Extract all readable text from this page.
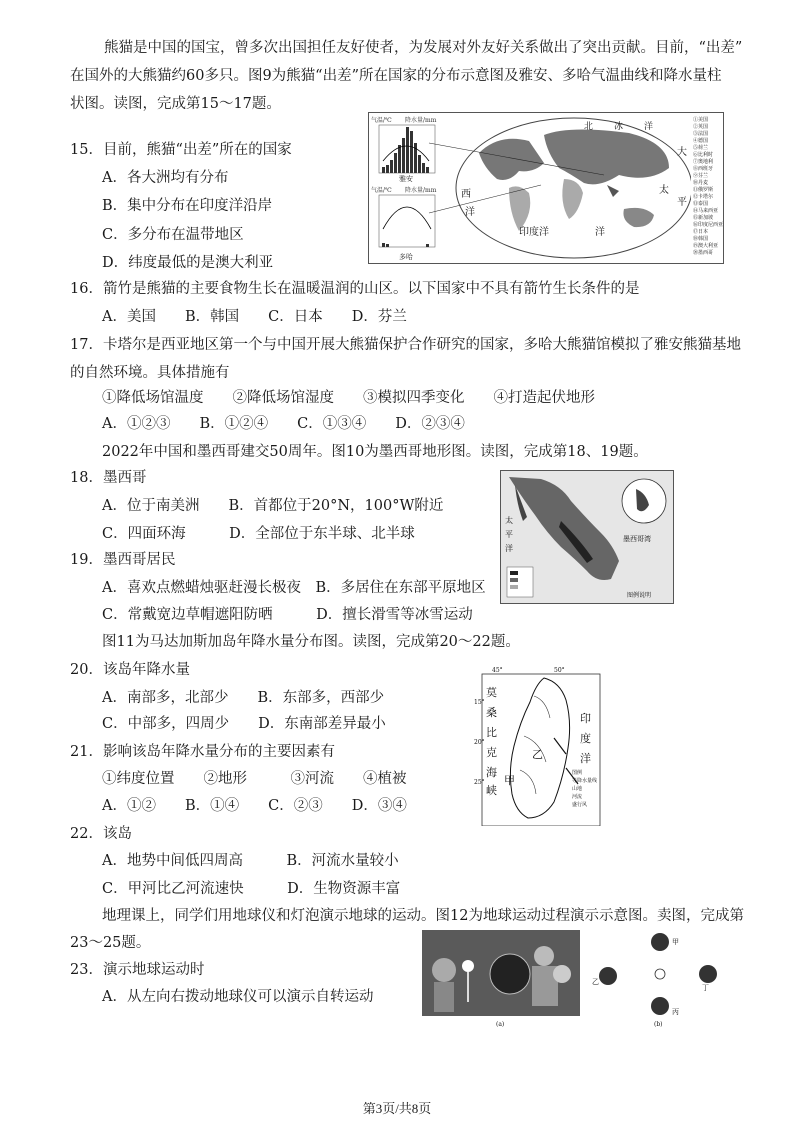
熊猫是中国的国宝，曾多次出国担任友好使者，为发展对外友好关系做出了突出贡献。目前，“出差”
在国外的大熊猫约60多只。图9为熊猫“出差”所在国家的分布示意图及雅安、多哈气温曲线和降水量柱
状图。读图，完成第15～17题。
15．目前，熊猫“出差”所在的国家
A．各大洲均有分布
B．集中分布在印度洋沿岸
C．多分布在温带地区
D．纬度最低的是澳大利亚
气温/℃ 降水量/mm
雅安
气温/℃ 降水量/mm
多哈
北 冰 洋
大
太
西
平
洋
印度洋	洋
①美国
②英国
③法国
④德国
⑤荷兰
⑥比利时
⑦奥地利
⑧西班牙
⑨芬兰
⑩丹麦
⑪俄罗斯
⑫卡塔尔
⑬泰国
⑭马来西亚
⑮新加坡
⑯印度尼西亚
⑰日本
⑱韩国
⑲澳大利亚
⑳墨西哥
16．箭竹是熊猫的主要食物生长在温暖温润的山区。以下国家中不具有箭竹生长条件的是
A．美国　　B．韩国　　C．日本　　D．芬兰
17．卡塔尔是西亚地区第一个与中国开展大熊猫保护合作研究的国家，多哈大熊猫馆模拟了雅安熊猫基地
的自然环境。具体措施有
①降低场馆温度　　②降低场馆湿度　　③模拟四季变化　　④打造起伏地形
A．①②③　　B．①②④　　C．①③④　　D．②③④
2022年中国和墨西哥建交50周年。图10为墨西哥地形图。读图，完成第18、19题。
18．墨西哥
A．位于南美洲　　B．首都位于20°N，100°W附近
C．四面环海　　　D．全部位于东半球、北半球
太
平
洋
墨西哥湾
图例说明
19．墨西哥居民
A．喜欢点燃蜡烛驱赶漫长极夜　B．多居住在东部平原地区
C．常戴宽边草帽遮阳防晒　　　D．擅长滑雪等冰雪运动
图11为马达加斯加岛年降水量分布图。读图，完成第20～22题。
20．该岛年降水量
A．南部多，北部少　　B．东部多，西部少
C．中部多，四周少　　D．东南部差异最小
45°	50°
15°
20°
25°
莫
桑
比
克
海
峡
印
度
洋
甲
乙
图例
等降水量线
山地
河流
盛行风
21．影响该岛年降水量分布的主要因素有
①纬度位置　　②地形　　　③河流　　④植被
A．①②　　B．①④　　C．②③　　D．③④
22．该岛
A．地势中间低四周高　　　B．河流水量较小
C．甲河比乙河流速快　　　D．生物资源丰富
地理课上，同学们用地球仪和灯泡演示地球的运动。图12为地球运动过程演示示意图。卖图，完成第
23～25题。
23．演示地球运动时
A．从左向右拨动地球仪可以演示自转运动
(a)
甲
乙
丙
丁
(b)
第3页/共8页
